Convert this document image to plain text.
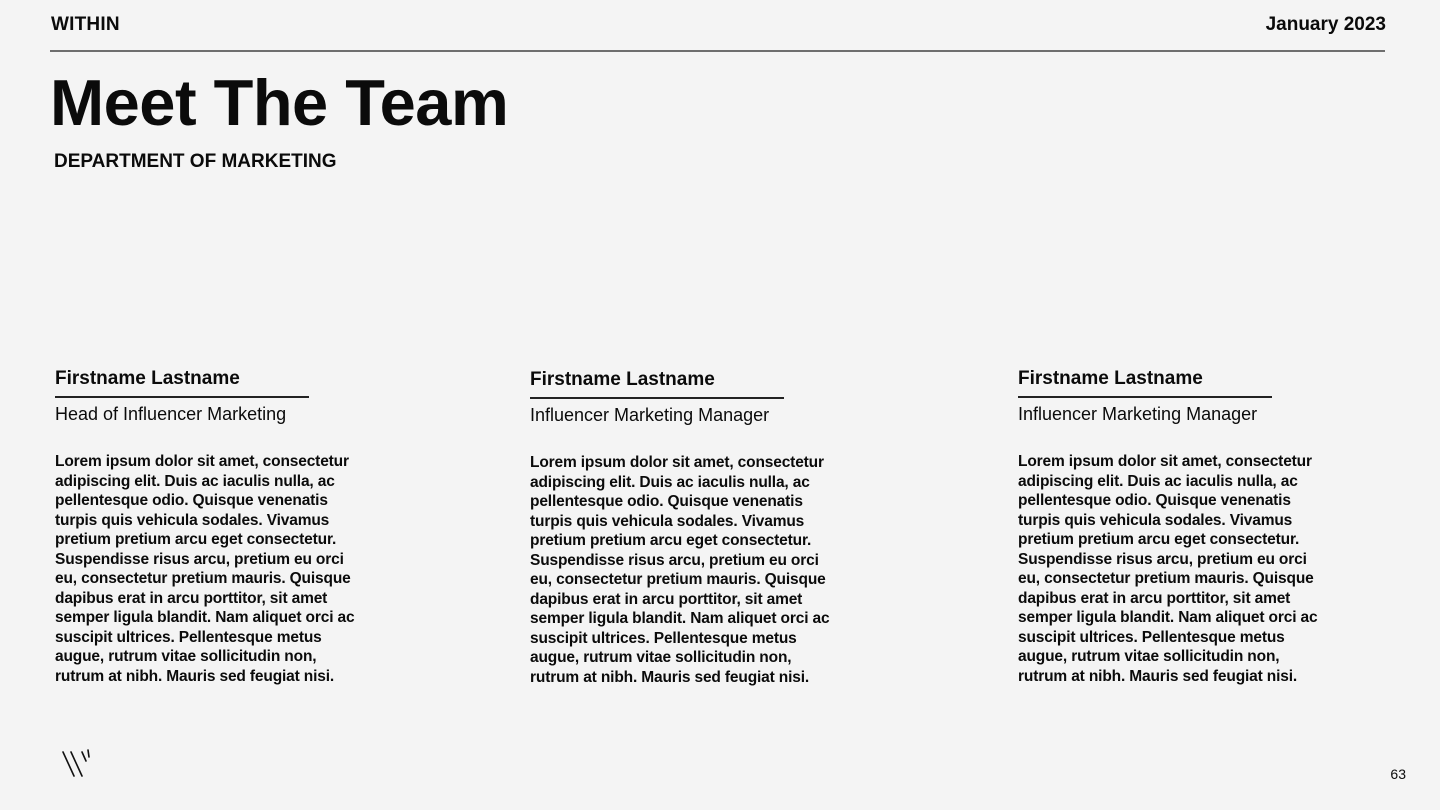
WITHIN	January 2023
Meet The Team
DEPARTMENT OF MARKETING
Firstname Lastname
Head of Influencer Marketing
Lorem ipsum dolor sit amet, consectetur adipiscing elit. Duis ac iaculis nulla, ac pellentesque odio. Quisque venenatis turpis quis vehicula sodales. Vivamus pretium pretium arcu eget consectetur. Suspendisse risus arcu, pretium eu orci eu, consectetur pretium mauris. Quisque dapibus erat in arcu porttitor, sit amet semper ligula blandit. Nam aliquet orci ac suscipit ultrices. Pellentesque metus augue, rutrum vitae sollicitudin non, rutrum at nibh. Mauris sed feugiat nisi.
Firstname Lastname
Influencer Marketing Manager
Lorem ipsum dolor sit amet, consectetur adipiscing elit. Duis ac iaculis nulla, ac pellentesque odio. Quisque venenatis turpis quis vehicula sodales. Vivamus pretium pretium arcu eget consectetur. Suspendisse risus arcu, pretium eu orci eu, consectetur pretium mauris. Quisque dapibus erat in arcu porttitor, sit amet semper ligula blandit. Nam aliquet orci ac suscipit ultrices. Pellentesque metus augue, rutrum vitae sollicitudin non, rutrum at nibh. Mauris sed feugiat nisi.
Firstname Lastname
Influencer Marketing Manager
Lorem ipsum dolor sit amet, consectetur adipiscing elit. Duis ac iaculis nulla, ac pellentesque odio. Quisque venenatis turpis quis vehicula sodales. Vivamus pretium pretium arcu eget consectetur. Suspendisse risus arcu, pretium eu orci eu, consectetur pretium mauris. Quisque dapibus erat in arcu porttitor, sit amet semper ligula blandit. Nam aliquet orci ac suscipit ultrices. Pellentesque metus augue, rutrum vitae sollicitudin non, rutrum at nibh. Mauris sed feugiat nisi.
63
